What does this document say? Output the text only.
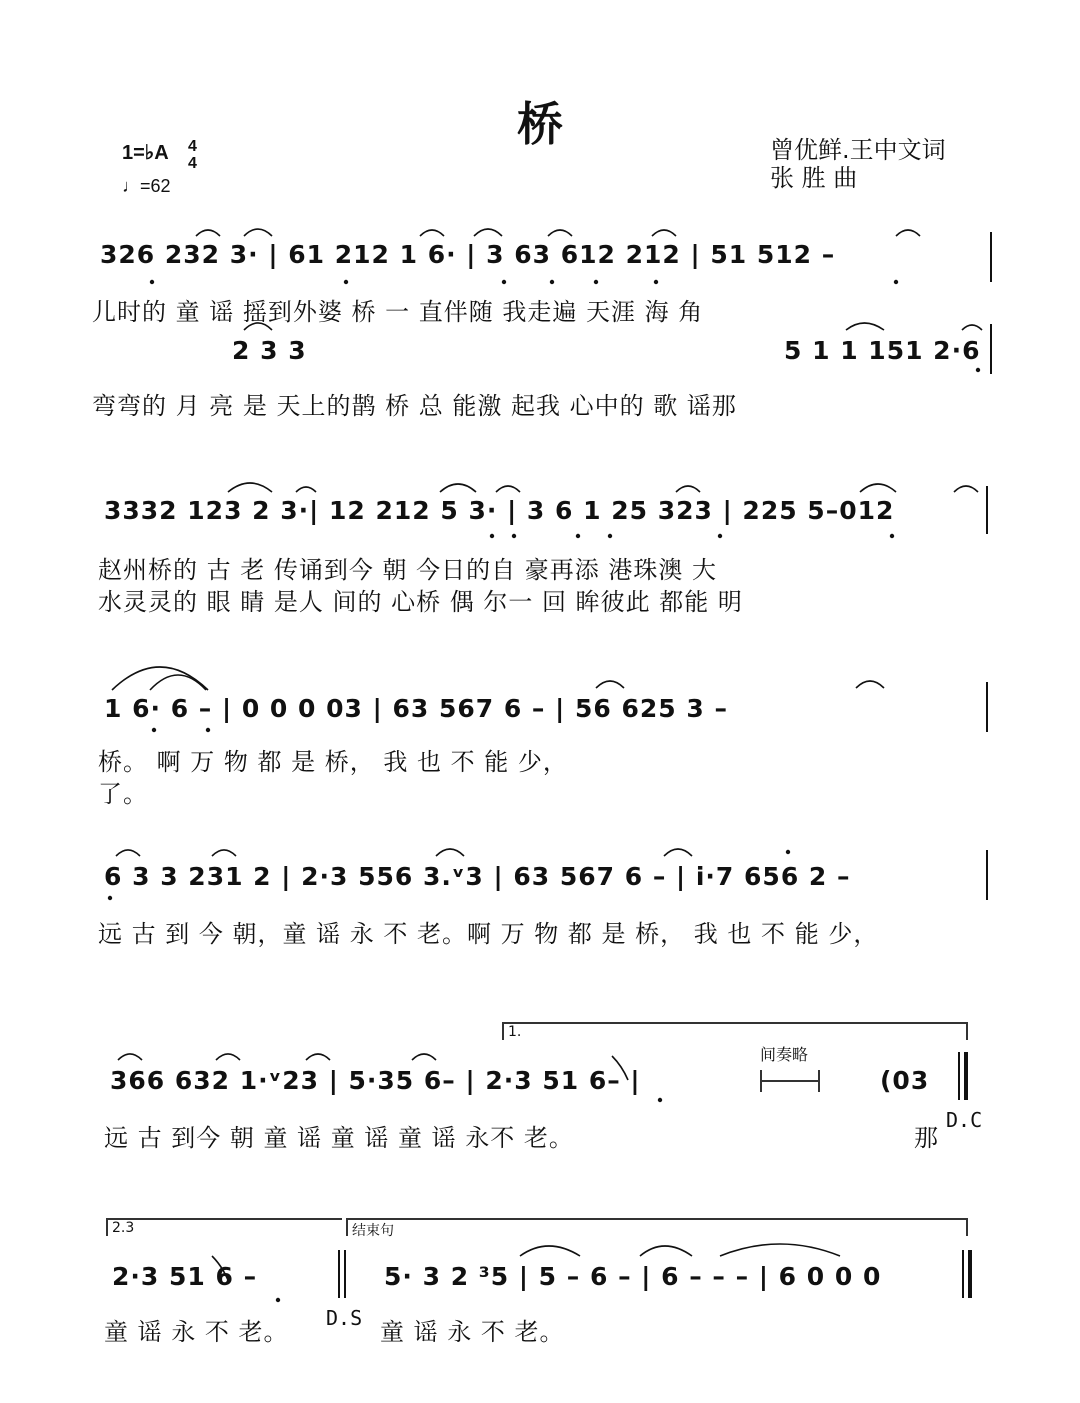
桥
1=♭A 4
4
♩=62
曾优鲜.王中文词
张 胜 曲
326 232 3· | 61 212 1 6· | 3 63 612 212 | 51 512 –
儿时的 童 谣 摇到外婆 桥 一 直伴随 我走遍 天涯 海 角
2 3 3	5 1 1 151 2·6
弯弯的 月 亮 是 天上的鹊 桥 总 能激 起我 心中的 歌 谣那
3332 123 2 3·| 12 212 5 3· | 3 6 1 25 323 | 225 5–012
赵州桥的 古 老 传诵到今 朝 今日的自 豪再添 港珠澳 大
水灵灵的 眼 睛 是人 间的 心桥 偶 尔一 回 眸彼此 都能 明
1 6· 6 – | 0 0 0 03 | 63 567 6 – | 56 625 3 –
桥。 啊 万 物 都 是 桥， 我 也 不 能 少，
了。
6 3 3 231 2 | 2·3 556 3.ᵛ3 | 63 567 6 – | i·7 656 2 –
远 古 到 今 朝，童 谣 永 不 老。啊 万 物 都 是 桥， 我 也 不 能 少，
1.
间奏略
366 632 1·ᵛ23 | 5·35 6– | 2·3 51 6– |	(03
远 古 到今 朝 童 谣 童 谣 童 谣 永不 老。	那
D.C
2.3	结束句
2·3 51 6 –	5· 3 2 ³5 | 5 – 6 – | 6 – – – | 6 0 0 0
童 谣 永 不 老。 D.S 童 谣 永 不 老。
